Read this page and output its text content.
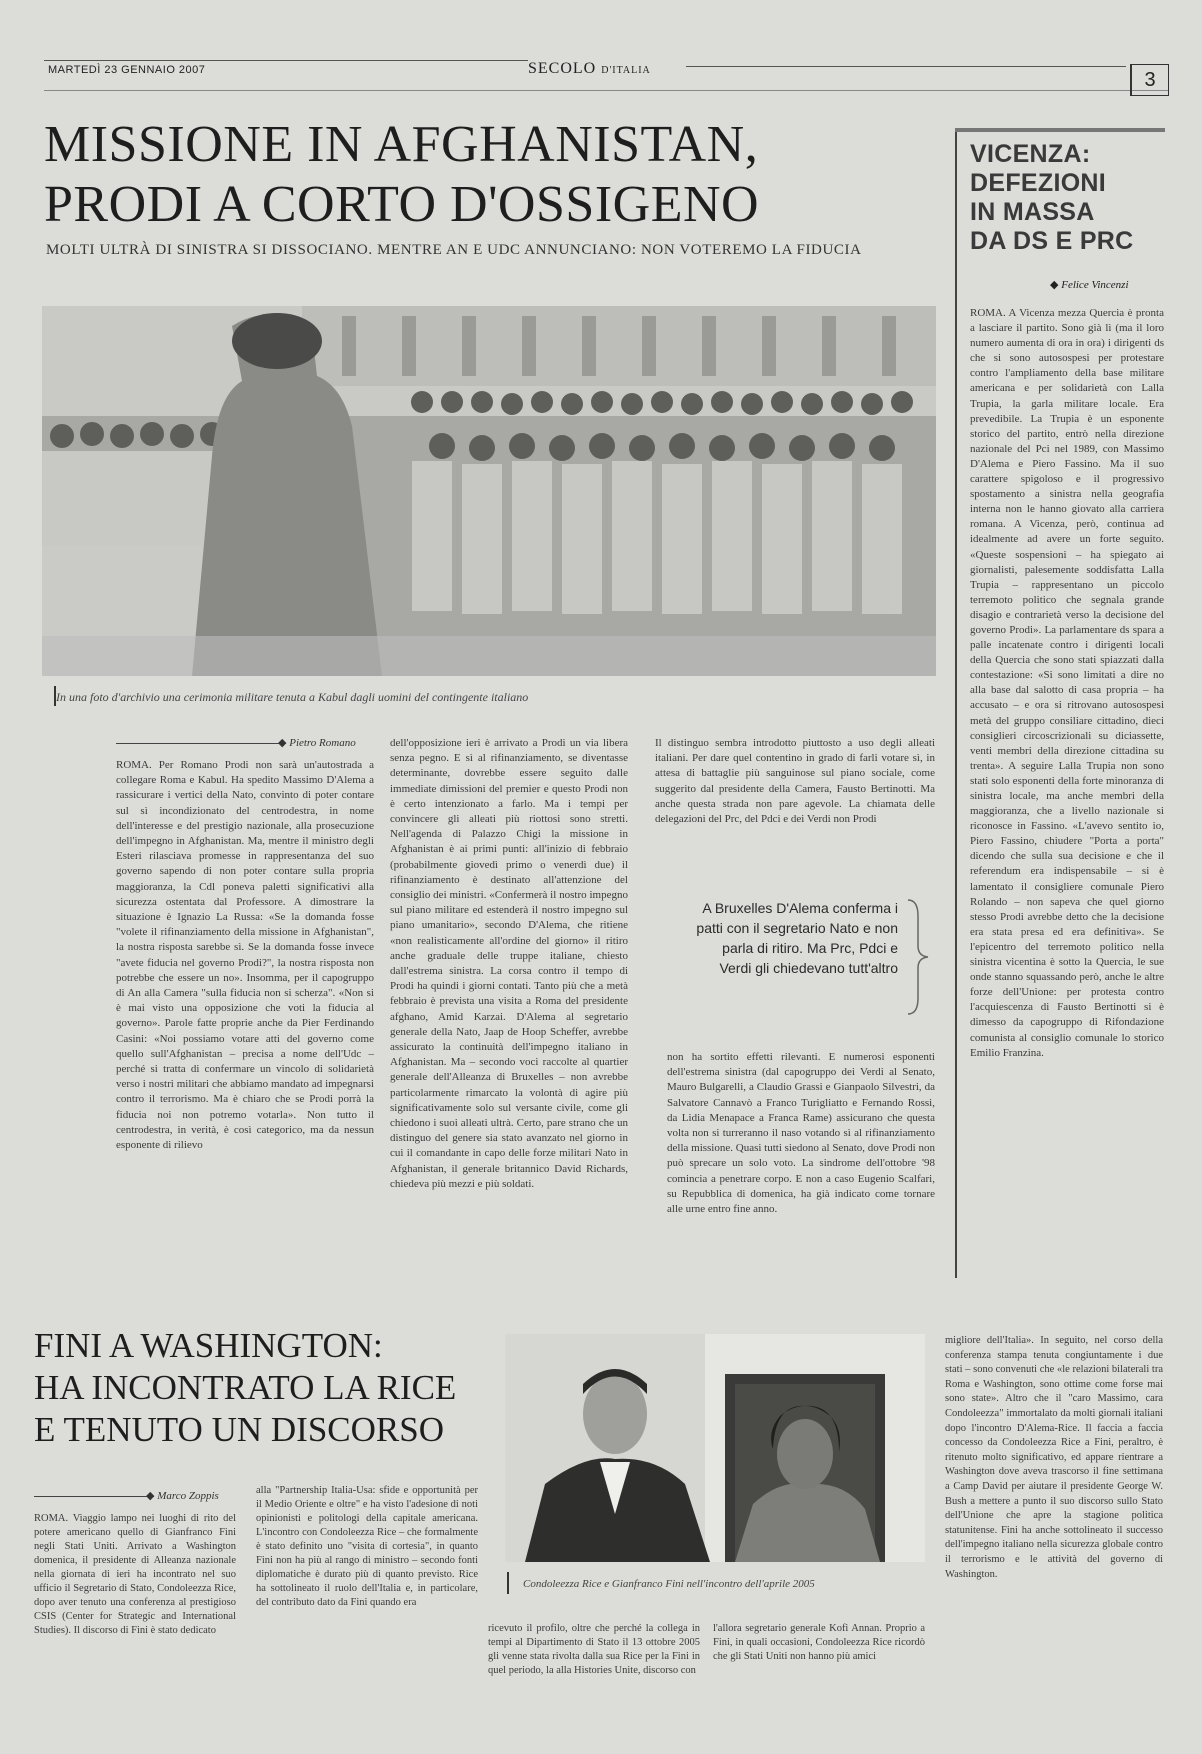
MARTEDÌ 23 GENNAIO 2007	SECOLO D'ITALIA	3
MISSIONE IN AFGHANISTAN,
PRODI A CORTO D'OSSIGENO
MOLTI ULTRÀ DI SINISTRA SI DISSOCIANO. MENTRE AN E UDC ANNUNCIANO: NON VOTEREMO LA FIDUCIA
In una foto d'archivio una cerimonia militare tenuta a Kabul dagli uomini del contingente italiano
◆ Pietro Romano
ROMA. Per Romano Prodi non sarà un'autostrada a collegare Roma e Kabul. Ha spedito Massimo D'Alema a rassicurare i vertici della Nato, convinto di poter contare sul sì incondizionato del centrodestra, in nome dell'interesse e del prestigio nazionale, alla prosecuzione dell'impegno in Afghanistan. Ma, mentre il ministro degli Esteri rilasciava promesse in rappresentanza del suo governo sapendo di non poter contare sulla propria maggioranza, la Cdl poneva paletti significativi alla sicurezza ostentata dal Professore. A dimostrare la situazione è Ignazio La Russa: «Se la domanda fosse "volete il rifinanziamento della missione in Afghanistan", la nostra risposta sarebbe sì. Se la domanda fosse invece "avete fiducia nel governo Prodi?", la nostra risposta non potrebbe che essere un no». Insomma, per il capogruppo di An alla Camera "sulla fiducia non si scherza". «Non si è mai visto una opposizione che voti la fiducia al governo». Parole fatte proprie anche da Pier Ferdinando Casini: «Noi possiamo votare atti del governo come quello sull'Afghanistan – precisa a nome dell'Udc – perché si tratta di confermare un vincolo di solidarietà verso i nostri militari che abbiamo mandato ad impegnarsi contro il terrorismo. Ma è chiaro che se Prodi porrà la fiducia noi non potremo votarla». Non tutto il centrodestra, in verità, è così categorico, ma da nessun esponente di rilievo
dell'opposizione ieri è arrivato a Prodi un via libera senza pegno. E sì al rifinanziamento, se diventasse determinante, dovrebbe essere seguito dalle immediate dimissioni del premier e questo Prodi non è certo intenzionato a farlo. Ma i tempi per convincere gli alleati più riottosi sono stretti. Nell'agenda di Palazzo Chigi la missione in Afghanistan è ai primi punti: all'inizio di febbraio (probabilmente giovedì primo o venerdì due) il rifinanziamento è destinato all'attenzione del consiglio dei ministri. «Confermerà il nostro impegno sul piano militare ed estenderà il nostro impegno sul piano umanitario», secondo D'Alema, che ritiene «non realisticamente all'ordine del giorno» il ritiro anche graduale delle truppe italiane, chiesto dall'estrema sinistra. La corsa contro il tempo di Prodi ha quindi i giorni contati. Tanto più che a metà febbraio è prevista una visita a Roma del presidente afghano, Amid Karzai. D'Alema al segretario generale della Nato, Jaap de Hoop Scheffer, avrebbe assicurato la continuità dell'impegno italiano in Afghanistan. Ma – secondo voci raccolte al quartier generale dell'Alleanza di Bruxelles – non avrebbe particolarmente rimarcato la volontà di agire più significativamente solo sul versante civile, come gli chiedono i suoi alleati ultrà. Certo, pare strano che un distinguo del genere sia stato avanzato nel giorno in cui il comandante in capo delle forze militari Nato in Afghanistan, il generale britannico David Richards, chiedeva più mezzi e più soldati.
Il distinguo sembra introdotto piuttosto a uso degli alleati italiani. Per dare quel contentino in grado di farli votare sì, in attesa di battaglie più sanguinose sul piano sociale, come suggerito dal presidente della Camera, Fausto Bertinotti. Ma anche questa strada non pare agevole. La chiamata delle delegazioni del Prc, del Pdci e dei Verdi non Prodi
A Bruxelles D'Alema conferma i patti con il segretario Nato e non parla di ritiro. Ma Prc, Pdci e Verdi gli chiedevano tutt'altro
non ha sortito effetti rilevanti. E numerosi esponenti dell'estrema sinistra (dal capogruppo dei Verdi al Senato, Mauro Bulgarelli, a Claudio Grassi e Gianpaolo Silvestri, da Salvatore Cannavò a Franco Turigliatto e Fernando Rossi, da Lidia Menapace a Franca Rame) assicurano che questa volta non si turreranno il naso votando sì al rifinanziamento della missione. Quasi tutti siedono al Senato, dove Prodi non può sprecare un solo voto. La sindrome dell'ottobre '98 comincia a penetrare corpo. E non a caso Eugenio Scalfari, su Repubblica di domenica, ha già indicato come tornare alle urne entro fine anno.
VICENZA:
DEFEZIONI
IN MASSA
DA DS E PRC
◆ Felice Vincenzi
ROMA. A Vicenza mezza Quercia è pronta a lasciare il partito. Sono già lì (ma il loro numero aumenta di ora in ora) i dirigenti ds che si sono autosospesi per protestare contro l'ampliamento della base militare americana e per solidarietà con Lalla Trupia, la garla militare locale. Era prevedibile. La Trupia è un esponente storico del partito, entrò nella direzione nazionale del Pci nel 1989, con Massimo D'Alema e Piero Fassino. Ma il suo carattere spigoloso e il progressivo spostamento a sinistra nella geografia interna non le hanno giovato alla carriera romana. A Vicenza, però, continua ad idealmente ad avere un forte seguito. «Queste sospensioni – ha spiegato ai giornalisti, palesemente soddisfatta Lalla Trupia – rappresentano un piccolo terremoto politico che segnala grande disagio e contrarietà verso la decisione del governo Prodi». La parlamentare ds spara a palle incatenate contro i dirigenti locali della Quercia che sono stati spiazzati dalla contestazione: «Si sono limitati a dire no alla base dal salotto di casa propria – ha accusato – e ora si ritrovano autosospesi metà del gruppo consiliare cittadino, dieci consiglieri circoscrizionali su diciassette, venti membri della direzione cittadina su trenta». A seguire Lalla Trupia non sono stati solo esponenti della forte minoranza di sinistra locale, ma anche membri della maggioranza, che a livello nazionale si riconosce in Fassino. «L'avevo sentito io, Piero Fassino, chiudere "Porta a porta" dicendo che sulla sua decisione e che il referendum era indispensabile – si è lamentato il consigliere comunale Piero Rolando – non sapeva che quel giorno stesso Prodi avrebbe detto che la decisione era stata presa ed era definitiva». Se l'epicentro del terremoto politico nella sinistra vicentina è sotto la Quercia, le sue onde stanno squassando però, anche le altre forze dell'Unione: per protesta contro l'acquiescenza di Fausto Bertinotti si è dimesso da capogruppo di Rifondazione comunista al consiglio comunale lo storico Emilio Franzina.
FINI A WASHINGTON:
HA INCONTRATO LA RICE
E TENUTO UN DISCORSO
◆ Marco Zoppis
ROMA. Viaggio lampo nei luoghi di rito del potere americano quello di Gianfranco Fini negli Stati Uniti. Arrivato a Washington domenica, il presidente di Alleanza nazionale nella giornata di ieri ha incontrato nel suo ufficio il Segretario di Stato, Condoleezza Rice, dopo aver tenuto una conferenza al prestigioso CSIS (Center for Strategic and International Studies). Il discorso di Fini è stato dedicato
alla "Partnership Italia-Usa: sfide e opportunità per il Medio Oriente e oltre" e ha visto l'adesione di noti opinionisti e politologi della capitale americana. L'incontro con Condoleezza Rice – che formalmente è stato definito uno "visita di cortesia", in quanto Fini non ha più al rango di ministro – secondo fonti diplomatiche è durato più di quanto previsto. Rice ha sottolineato il ruolo dell'Italia e, in particolare, del contributo dato da Fini quando era
Condoleezza Rice e Gianfranco Fini nell'incontro dell'aprile 2005
ricevuto il profilo, oltre che perché la collega in tempi al Dipartimento di Stato il 13 ottobre 2005 gli venne stata rivolta dalla sua Rice per la Fini in quel periodo, la alla Histories Unite, discorso con
l'allora segretario generale Kofi Annan. Proprio a Fini, in quali occasioni, Condoleezza Rice ricordò che gli Stati Uniti non hanno più amici
migliore dell'Italia». In seguito, nel corso della conferenza stampa tenuta congiuntamente i due stati – sono convenuti che «le relazioni bilaterali tra Roma e Washington, sono ottime come forse mai sono state». Altro che il "caro Massimo, cara Condoleezza" immortalato da molti giornali italiani dopo l'incontro D'Alema-Rice. Il faccia a faccia concesso da Condoleezza Rice a Fini, peraltro, è ritenuto molto significativo, ed appare rientrare a Washington dove aveva trascorso il fine settimana a Camp David per aiutare il presidente George W. Bush a mettere a punto il suo discorso sullo Stato dell'Unione che apre la stagione politica statunitense. Fini ha anche sottolineato il successo dell'impegno italiano nella sicurezza globale contro il terrorismo e le attività del governo di Washington.
